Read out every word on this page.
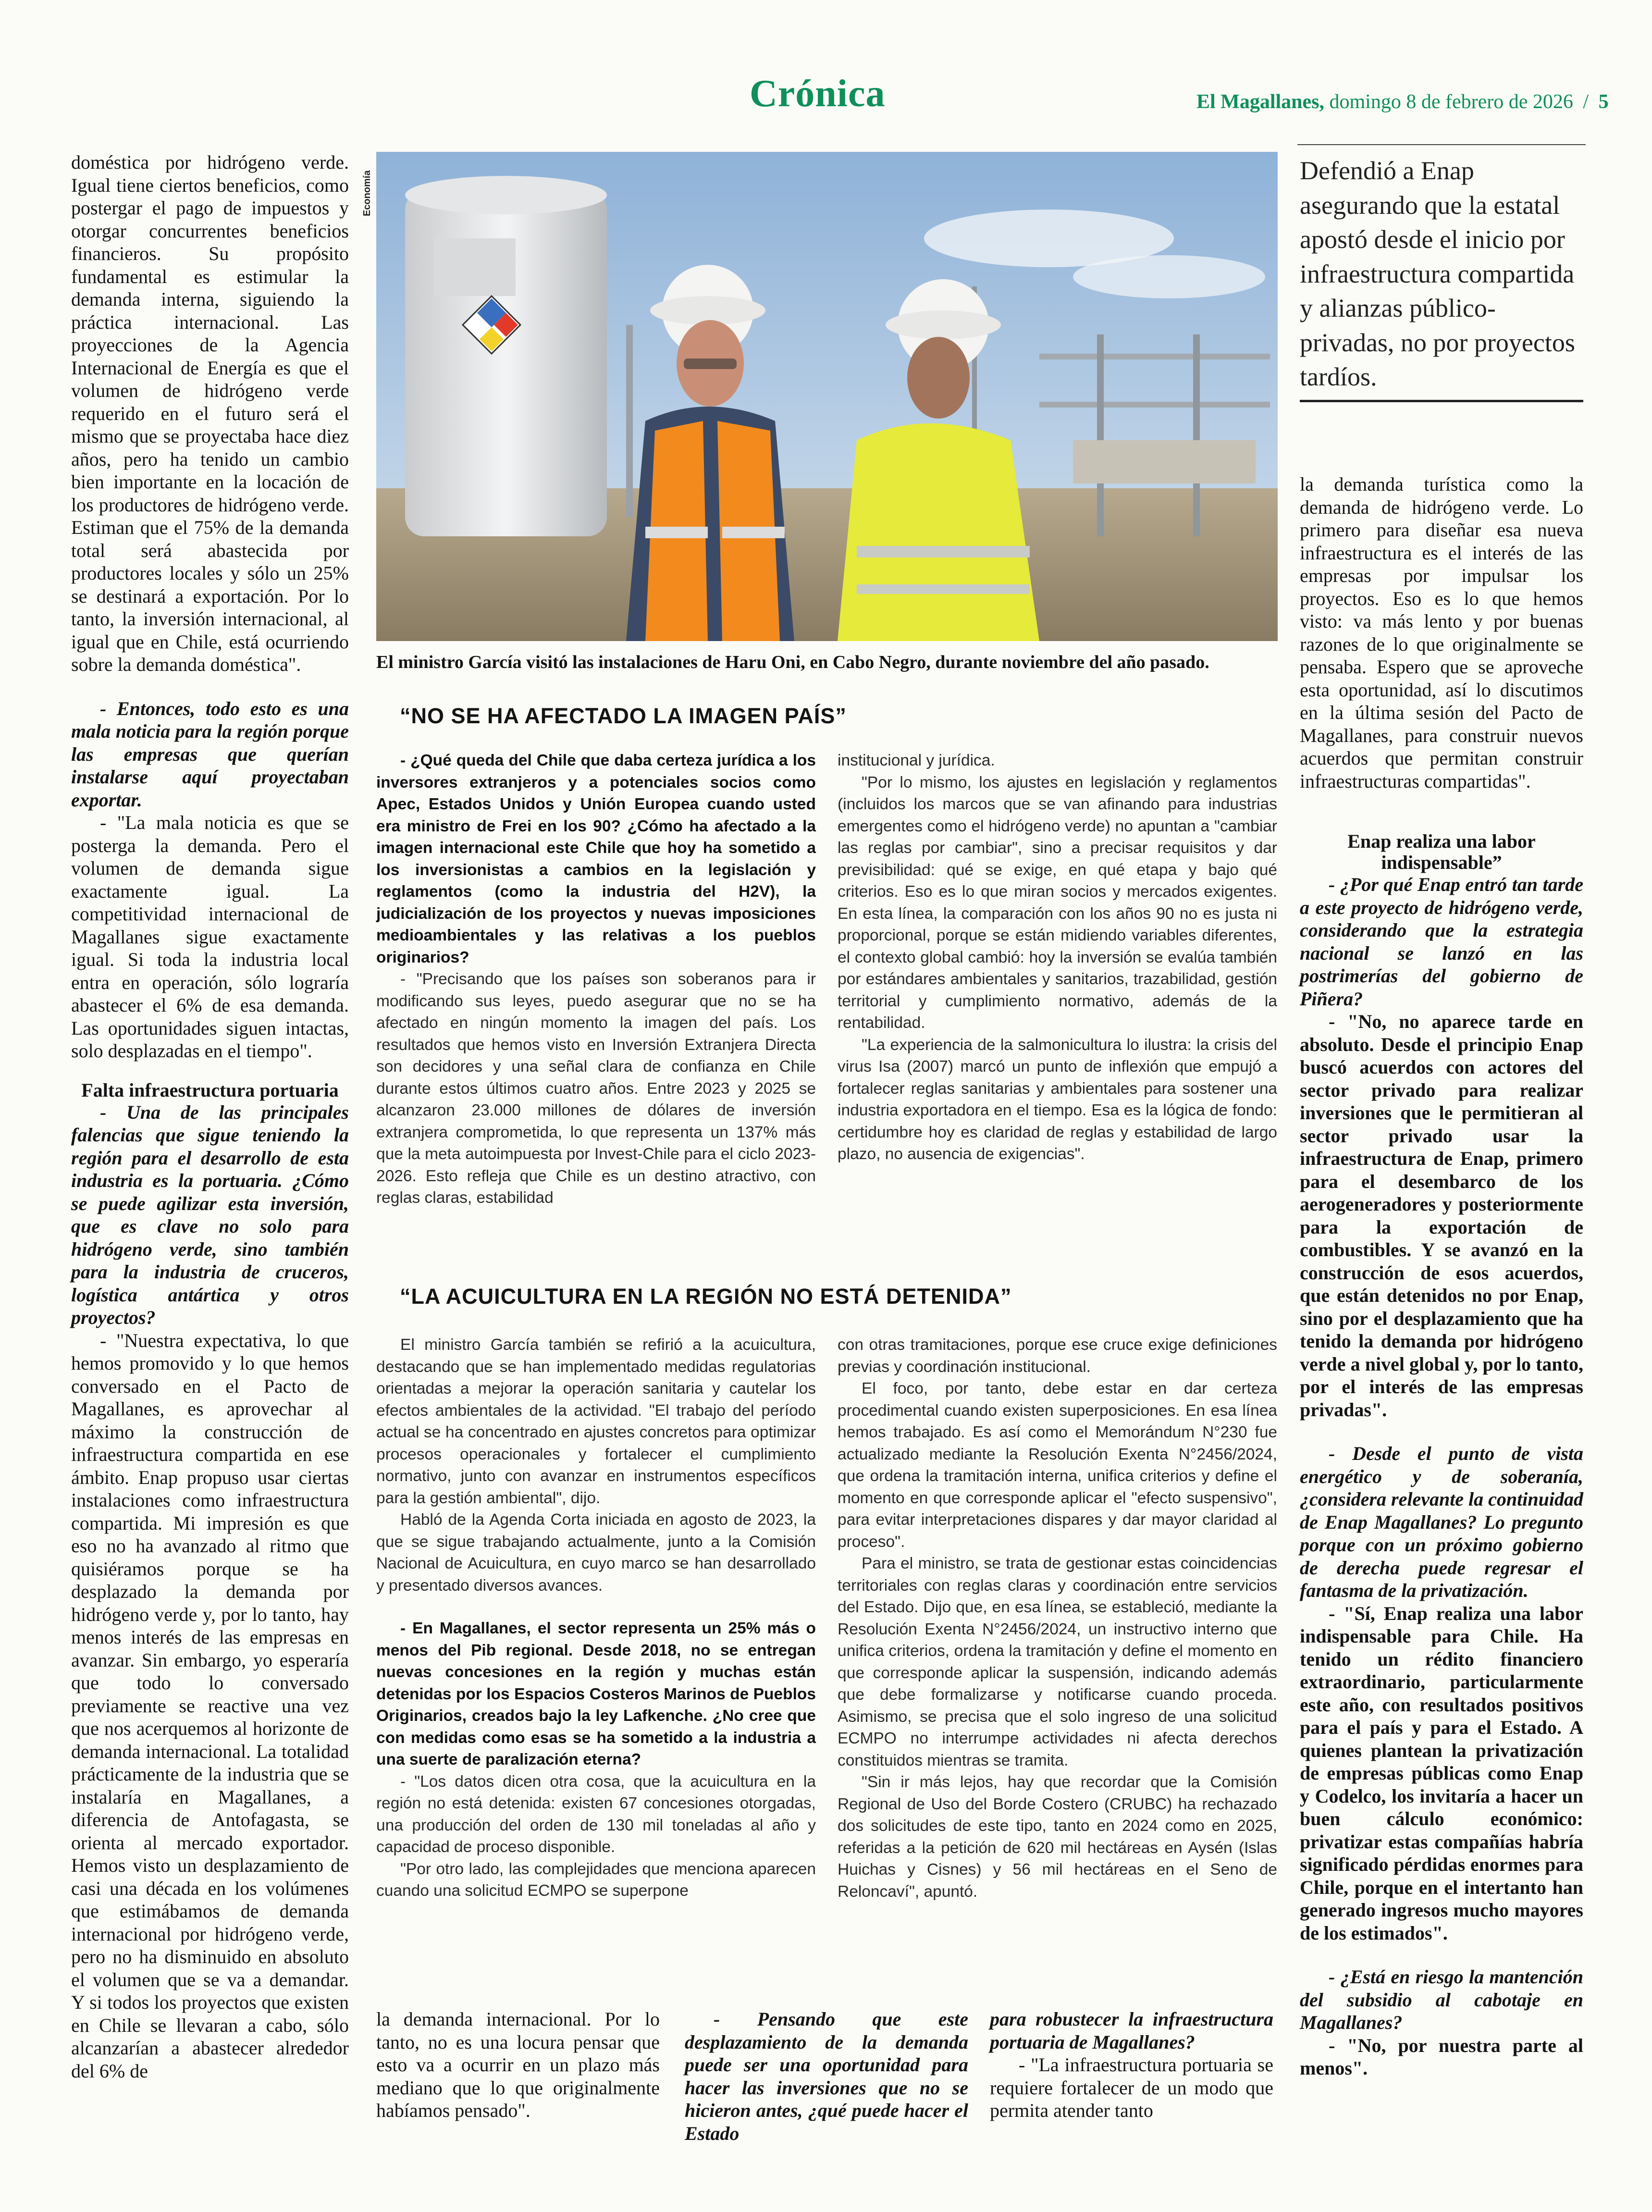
Crónica	El Magallanes, domingo 8 de febrero de 2026 / 5

doméstica por hidrógeno verde. Igual tiene ciertos beneficios, como postergar el pago de impuestos y otorgar concurrentes beneficios financieros. Su propósito fundamental es estimular la demanda interna, siguiendo la práctica internacional. Las proyecciones de la Agencia Internacional de Energía es que el volumen de hidrógeno verde requerido en el futuro será el mismo que se proyectaba hace diez años, pero ha tenido un cambio bien importante en la locación de los productores de hidrógeno verde. Estiman que el 75% de la demanda total será abastecida por productores locales y sólo un 25% se destinará a exportación. Por lo tanto, la inversión internacional, al igual que en Chile, está ocurriendo sobre la demanda doméstica".

- Entonces, todo esto es una mala noticia para la región porque las empresas que querían instalarse aquí proyectaban exportar.

- "La mala noticia es que se posterga la demanda. Pero el volumen de demanda sigue exactamente igual. La competitividad internacional de Magallanes sigue exactamente igual. Si toda la industria local entra en operación, sólo lograría abastecer el 6% de esa demanda. Las oportunidades siguen intactas, solo desplazadas en el tiempo".

Falta infraestructura portuaria

- Una de las principales falencias que sigue teniendo la región para el desarrollo de esta industria es la portuaria. ¿Cómo se puede agilizar esta inversión, que es clave no solo para hidrógeno verde, sino también para la industria de cruceros, logística antártica y otros proyectos?

- "Nuestra expectativa, lo que hemos promovido y lo que hemos conversado en el Pacto de Magallanes, es aprovechar al máximo la construcción de infraestructura compartida en ese ámbito. Enap propuso usar ciertas instalaciones como infraestructura compartida. Mi impresión es que eso no ha avanzado al ritmo que quisiéramos porque se ha desplazado la demanda por hidrógeno verde y, por lo tanto, hay menos interés de las empresas en avanzar. Sin embargo, yo esperaría que todo lo conversado previamente se reactive una vez que nos acerquemos al horizonte de demanda internacional. La totalidad prácticamente de la industria que se instalaría en Magallanes, a diferencia de Antofagasta, se orienta al mercado exportador. Hemos visto un desplazamiento de casi una década en los volúmenes que estimábamos de demanda internacional por hidrógeno verde, pero no ha disminuido en absoluto el volumen que se va a demandar. Y si todos los proyectos que existen en Chile se llevaran a cabo, sólo alcanzarían a abastecer alrededor del 6% de

Economía
El ministro García visitó las instalaciones de Haru Oni, en Cabo Negro, durante noviembre del año pasado.
Defendió a Enap asegurando que la estatal apostó desde el inicio por infraestructura compartida y alianzas público-privadas, no por proyectos tardíos.
“NO SE HA AFECTADO LA IMAGEN PAÍS”

- ¿Qué queda del Chile que daba certeza jurídica a los inversores extranjeros y a potenciales socios como Apec, Estados Unidos y Unión Europea cuando usted era ministro de Frei en los 90? ¿Cómo ha afectado a la imagen internacional este Chile que hoy ha sometido a los inversionistas a cambios en la legislación y reglamentos (como la industria del H2V), la judicialización de los proyectos y nuevas imposiciones medioambientales y las relativas a los pueblos originarios?

- "Precisando que los países son soberanos para ir modificando sus leyes, puedo asegurar que no se ha afectado en ningún momento la imagen del país. Los resultados que hemos visto en Inversión Extranjera Directa son decidores y una señal clara de confianza en Chile durante estos últimos cuatro años. Entre 2023 y 2025 se alcanzaron 23.000 millones de dólares de inversión extranjera comprometida, lo que representa un 137% más que la meta autoimpuesta por Invest-Chile para el ciclo 2023-2026. Esto refleja que Chile es un destino atractivo, con reglas claras, estabilidad

institucional y jurídica.

"Por lo mismo, los ajustes en legislación y reglamentos (incluidos los marcos que se van afinando para industrias emergentes como el hidrógeno verde) no apuntan a "cambiar las reglas por cambiar", sino a precisar requisitos y dar previsibilidad: qué se exige, en qué etapa y bajo qué criterios. Eso es lo que miran socios y mercados exigentes. En esta línea, la comparación con los años 90 no es justa ni proporcional, porque se están midiendo variables diferentes, el contexto global cambió: hoy la inversión se evalúa también por estándares ambientales y sanitarios, trazabilidad, gestión territorial y cumplimiento normativo, además de la rentabilidad.

"La experiencia de la salmonicultura lo ilustra: la crisis del virus Isa (2007) marcó un punto de inflexión que empujó a fortalecer reglas sanitarias y ambientales para sostener una industria exportadora en el tiempo. Esa es la lógica de fondo: certidumbre hoy es claridad de reglas y estabilidad de largo plazo, no ausencia de exigencias".

“LA ACUICULTURA EN LA REGIÓN NO ESTÁ DETENIDA”

El ministro García también se refirió a la acuicultura, destacando que se han implementado medidas regulatorias orientadas a mejorar la operación sanitaria y cautelar los efectos ambientales de la actividad. "El trabajo del período actual se ha concentrado en ajustes concretos para optimizar procesos operacionales y fortalecer el cumplimiento normativo, junto con avanzar en instrumentos específicos para la gestión ambiental", dijo.

Habló de la Agenda Corta iniciada en agosto de 2023, la que se sigue trabajando actualmente, junto a la Comisión Nacional de Acuicultura, en cuyo marco se han desarrollado y presentado diversos avances.

- En Magallanes, el sector representa un 25% más o menos del Pib regional. Desde 2018, no se entregan nuevas concesiones en la región y muchas están detenidas por los Espacios Costeros Marinos de Pueblos Originarios, creados bajo la ley Lafkenche. ¿No cree que con medidas como esas se ha sometido a la industria a una suerte de paralización eterna?

- "Los datos dicen otra cosa, que la acuicultura en la región no está detenida: existen 67 concesiones otorgadas, una producción del orden de 130 mil toneladas al año y capacidad de proceso disponible.

"Por otro lado, las complejidades que menciona aparecen cuando una solicitud ECMPO se superpone

con otras tramitaciones, porque ese cruce exige definiciones previas y coordinación institucional.

El foco, por tanto, debe estar en dar certeza procedimental cuando existen superposiciones. En esa línea hemos trabajado. Es así como el Memorándum N°230 fue actualizado mediante la Resolución Exenta N°2456/2024, que ordena la tramitación interna, unifica criterios y define el momento en que corresponde aplicar el "efecto suspensivo", para evitar interpretaciones dispares y dar mayor claridad al proceso".

Para el ministro, se trata de gestionar estas coincidencias territoriales con reglas claras y coordinación entre servicios del Estado. Dijo que, en esa línea, se estableció, mediante la Resolución Exenta N°2456/2024, un instructivo interno que unifica criterios, ordena la tramitación y define el momento en que corresponde aplicar la suspensión, indicando además que debe formalizarse y notificarse cuando proceda. Asimismo, se precisa que el solo ingreso de una solicitud ECMPO no interrumpe actividades ni afecta derechos constituidos mientras se tramita.

"Sin ir más lejos, hay que recordar que la Comisión Regional de Uso del Borde Costero (CRUBC) ha rechazado dos solicitudes de este tipo, tanto en 2024 como en 2025, referidas a la petición de 620 mil hectáreas en Aysén (Islas Huichas y Cisnes) y 56 mil hectáreas en el Seno de Reloncaví", apuntó.

la demanda internacional. Por lo tanto, no es una locura pensar que esto va a ocurrir en un plazo más mediano que lo que originalmente habíamos pensado".

- Pensando que este desplazamiento de la demanda puede ser una oportunidad para hacer las inversiones que no se hicieron antes, ¿qué puede hacer el Estado

para robustecer la infraestructura portuaria de Magallanes?

- "La infraestructura portuaria se requiere fortalecer de un modo que permita atender tanto

la demanda turística como la demanda de hidrógeno verde. Lo primero para diseñar esa nueva infraestructura es el interés de las empresas por impulsar los proyectos. Eso es lo que hemos visto: va más lento y por buenas razones de lo que originalmente se pensaba. Espero que se aproveche esta oportunidad, así lo discutimos en la última sesión del Pacto de Magallanes, para construir nuevos acuerdos que permitan construir infraestructuras compartidas".

Enap realiza una labor indispensable”

- ¿Por qué Enap entró tan tarde a este proyecto de hidrógeno verde, considerando que la estrategia nacional se lanzó en las postrimerías del gobierno de Piñera?

- "No, no aparece tarde en absoluto. Desde el principio Enap buscó acuerdos con actores del sector privado para realizar inversiones que le permitieran al sector privado usar la infraestructura de Enap, primero para el desembarco de los aerogeneradores y posteriormente para la exportación de combustibles. Y se avanzó en la construcción de esos acuerdos, que están detenidos no por Enap, sino por el desplazamiento que ha tenido la demanda por hidrógeno verde a nivel global y, por lo tanto, por el interés de las empresas privadas".

- Desde el punto de vista energético y de soberanía, ¿considera relevante la continuidad de Enap Magallanes? Lo pregunto porque con un próximo gobierno de derecha puede regresar el fantasma de la privatización.

- "Sí, Enap realiza una labor indispensable para Chile. Ha tenido un rédito financiero extraordinario, particularmente este año, con resultados positivos para el país y para el Estado. A quienes plantean la privatización de empresas públicas como Enap y Codelco, los invitaría a hacer un buen cálculo económico: privatizar estas compañías habría significado pérdidas enormes para Chile, porque en el intertanto han generado ingresos mucho mayores de los estimados".

- ¿Está en riesgo la mantención del subsidio al cabotaje en Magallanes?

- "No, por nuestra parte al menos".
